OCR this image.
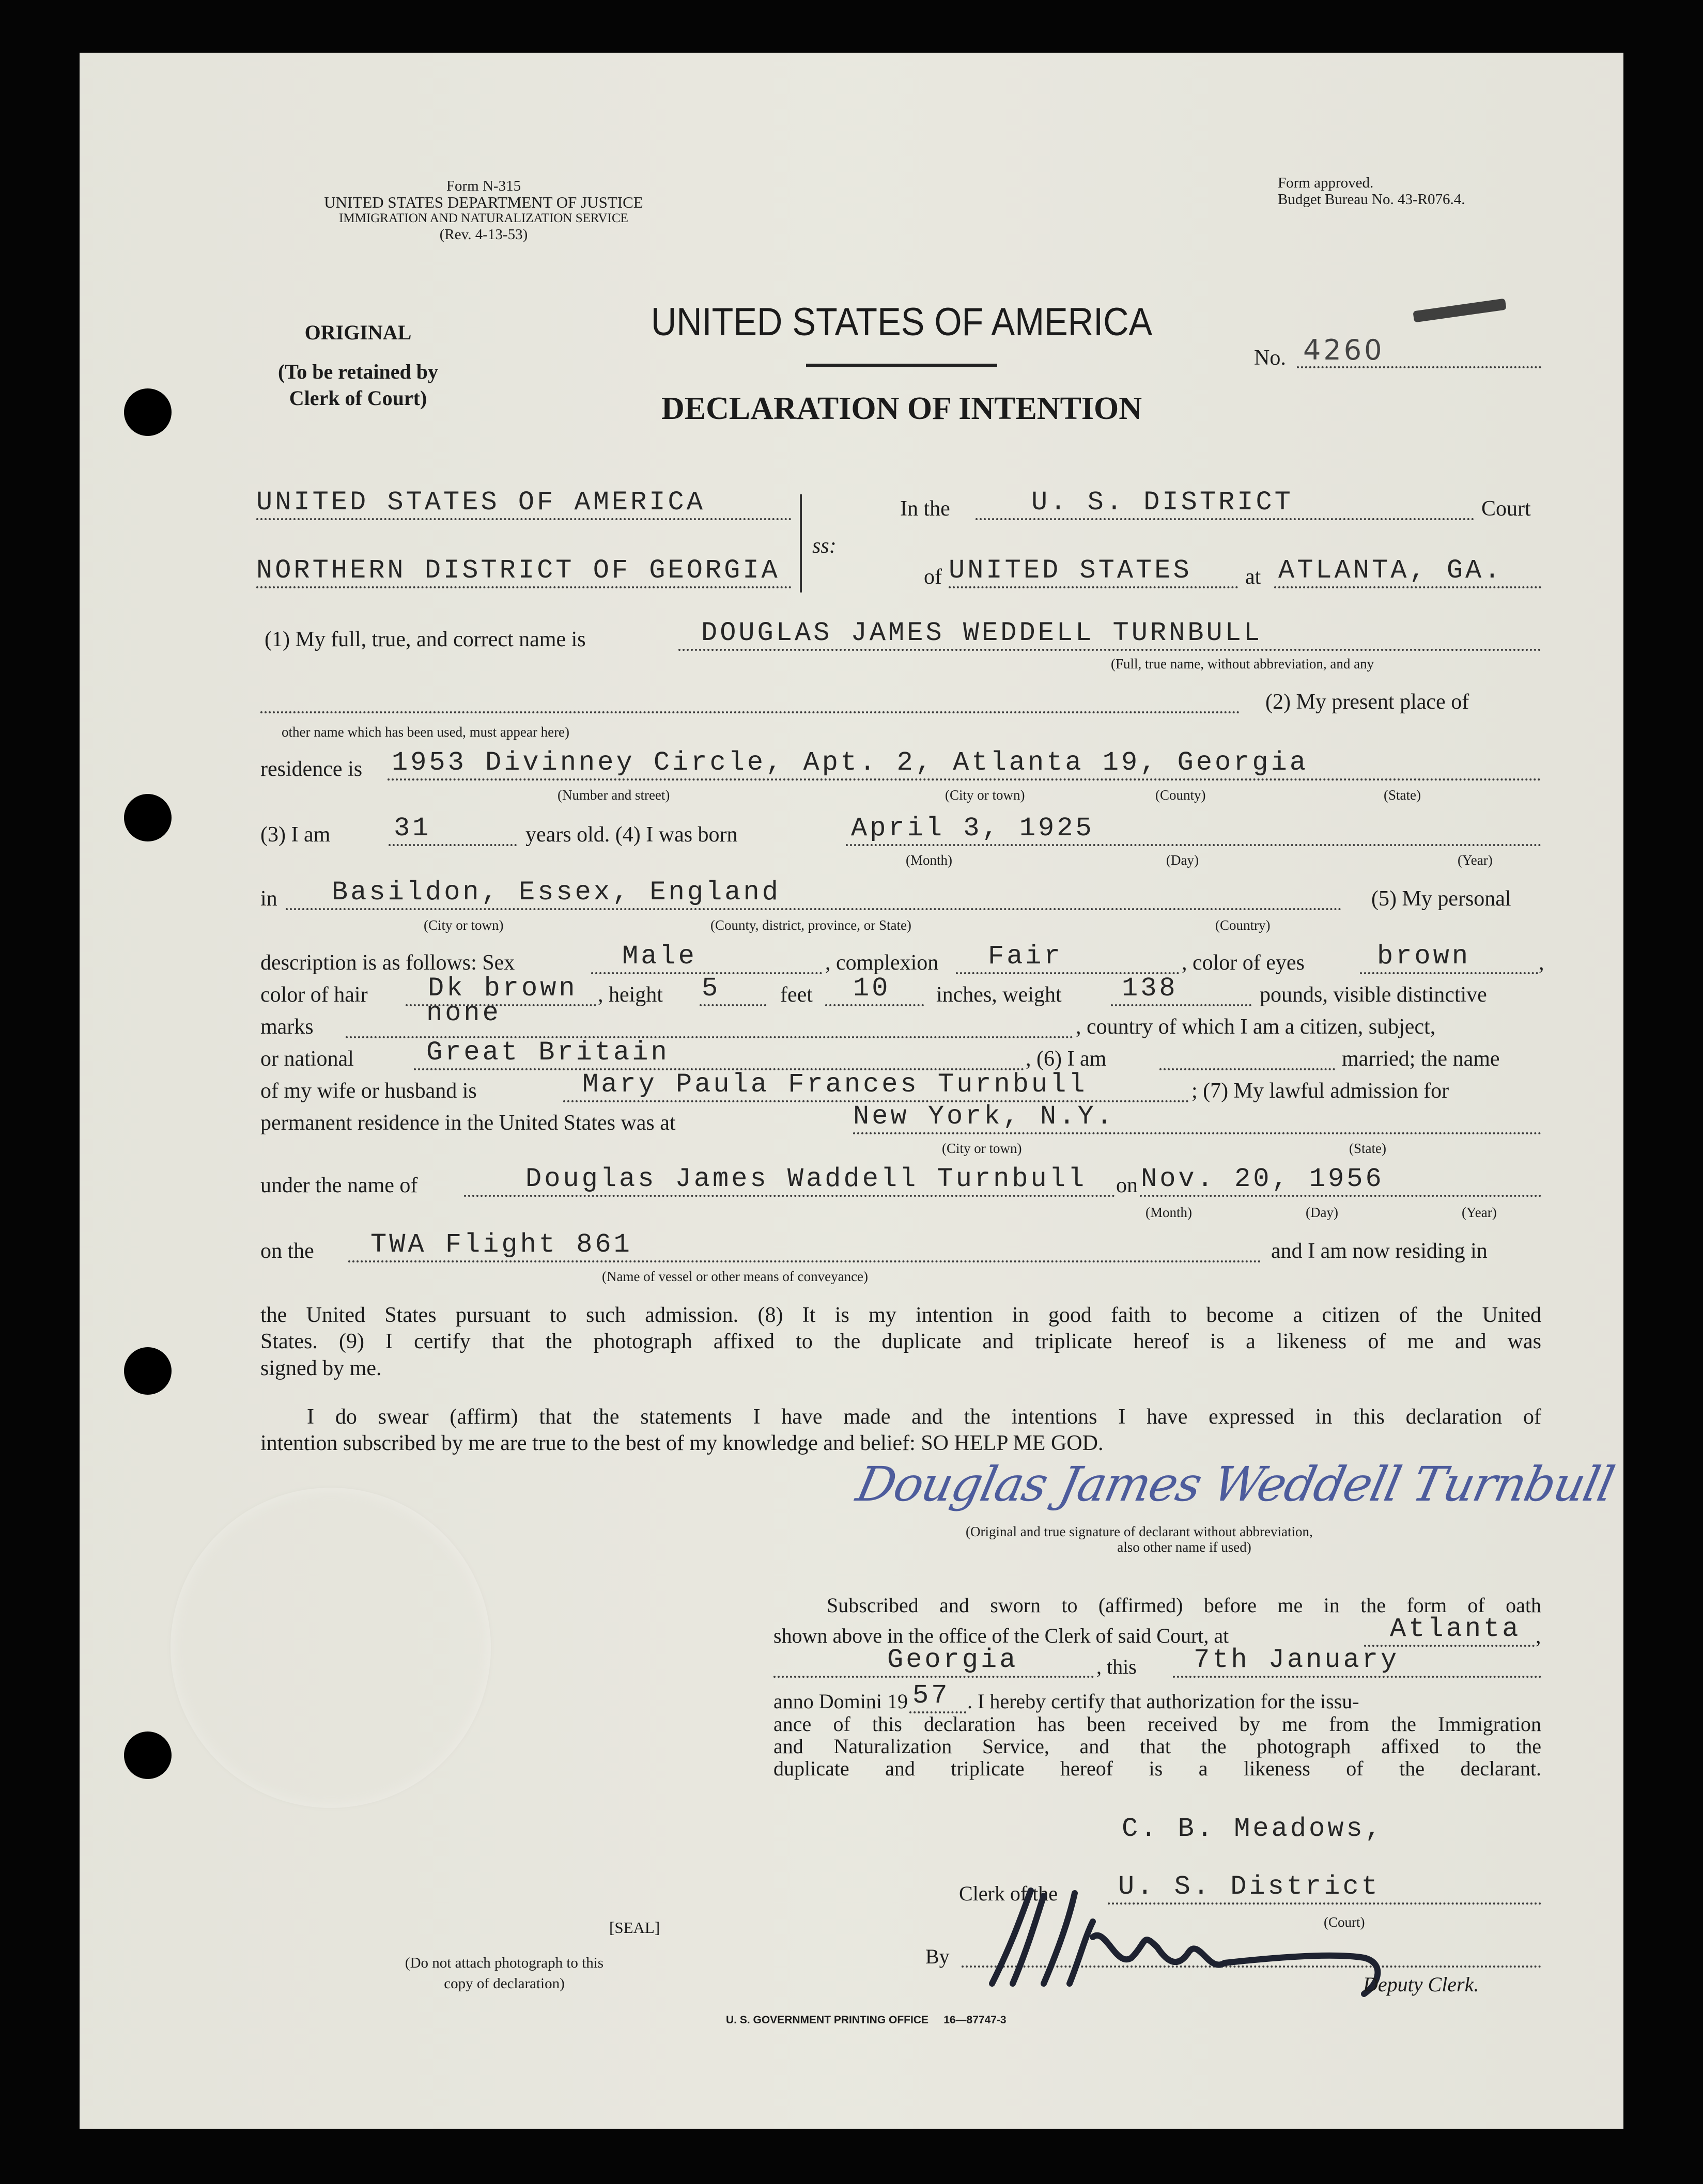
Form N-315
UNITED STATES DEPARTMENT OF JUSTICE
IMMIGRATION AND NATURALIZATION SERVICE
(Rev. 4-13-53)
Form approved.
Budget Bureau No. 43-R076.4.
ORIGINAL
(To be retained by
Clerk of Court)
UNITED STATES OF AMERICA
DECLARATION OF INTENTION
No. 4260
UNITED STATES OF AMERICA
NORTHERN DISTRICT OF GEORGIA
ss:
In the	U. S. DISTRICT	Court
of UNITED STATES at ATLANTA, GA.
(1) My full, true, and correct name is	DOUGLAS JAMES WEDDELL TURNBULL
(Full, true name, without abbreviation, and any
(2) My present place of
other name which has been used, must appear here)
residence is 1953 Divinney Circle, Apt. 2, Atlanta 19, Georgia
(Number and street)	(City or town)	(County)	(State)
(3) I am 31	years old. (4) I was born	April 3, 1925
(Month)	(Day)	(Year)
in Basildon, Essex, England	(5) My personal
(City or town)	(County, district, province, or State)	(Country)
description is as follows: Sex	Male	, complexion Fair	, color of eyes	brown	,
color of hair Dk brown , height 5	feet 10 inches, weight 138	pounds, visible distinctive
marks	none	, country of which I am a citizen, subject,
or national	Great Britain	, (6) I am	married; the name
of my wife or husband is	Mary Paula Frances Turnbull	; (7) My lawful admission for
permanent residence in the United States was at	New York, N.Y.
(City or town)	(State)
under the name of	Douglas James Waddell Turnbull on Nov. 20, 1956
(Month)	(Day)	(Year)
on the TWA Flight 861	and I am now residing in
(Name of vessel or other means of conveyance)
the United States pursuant to such admission. (8) It is my intention in good faith to become a citizen of the United
States. (9) I certify that the photograph affixed to the duplicate and triplicate hereof is a likeness of me and was
signed by me.
I do swear (affirm) that the statements I have made and the intentions I have expressed in this declaration of
intention subscribed by me are true to the best of my knowledge and belief: SO HELP ME GOD.
Douglas James Weddell Turnbull
(Original and true signature of declarant without abbreviation,
also other name if used)
Subscribed and sworn to (affirmed) before me in the form of oath
shown above in the office of the Clerk of said Court, at	Atlanta ,
Georgia	, this 7th January
anno Domini 19 57 . I hereby certify that authorization for the issu-
ance of this declaration has been received by me from the Immigration
and Naturalization Service, and that the photograph affixed to the
duplicate and triplicate hereof is a likeness of the declarant.
C. B. Meadows,
Clerk of the U. S. District
(Court)
By
Deputy Clerk.
[SEAL]
(Do not attach photograph to this
copy of declaration)
U. S. GOVERNMENT PRINTING OFFICE     16—87747-3
